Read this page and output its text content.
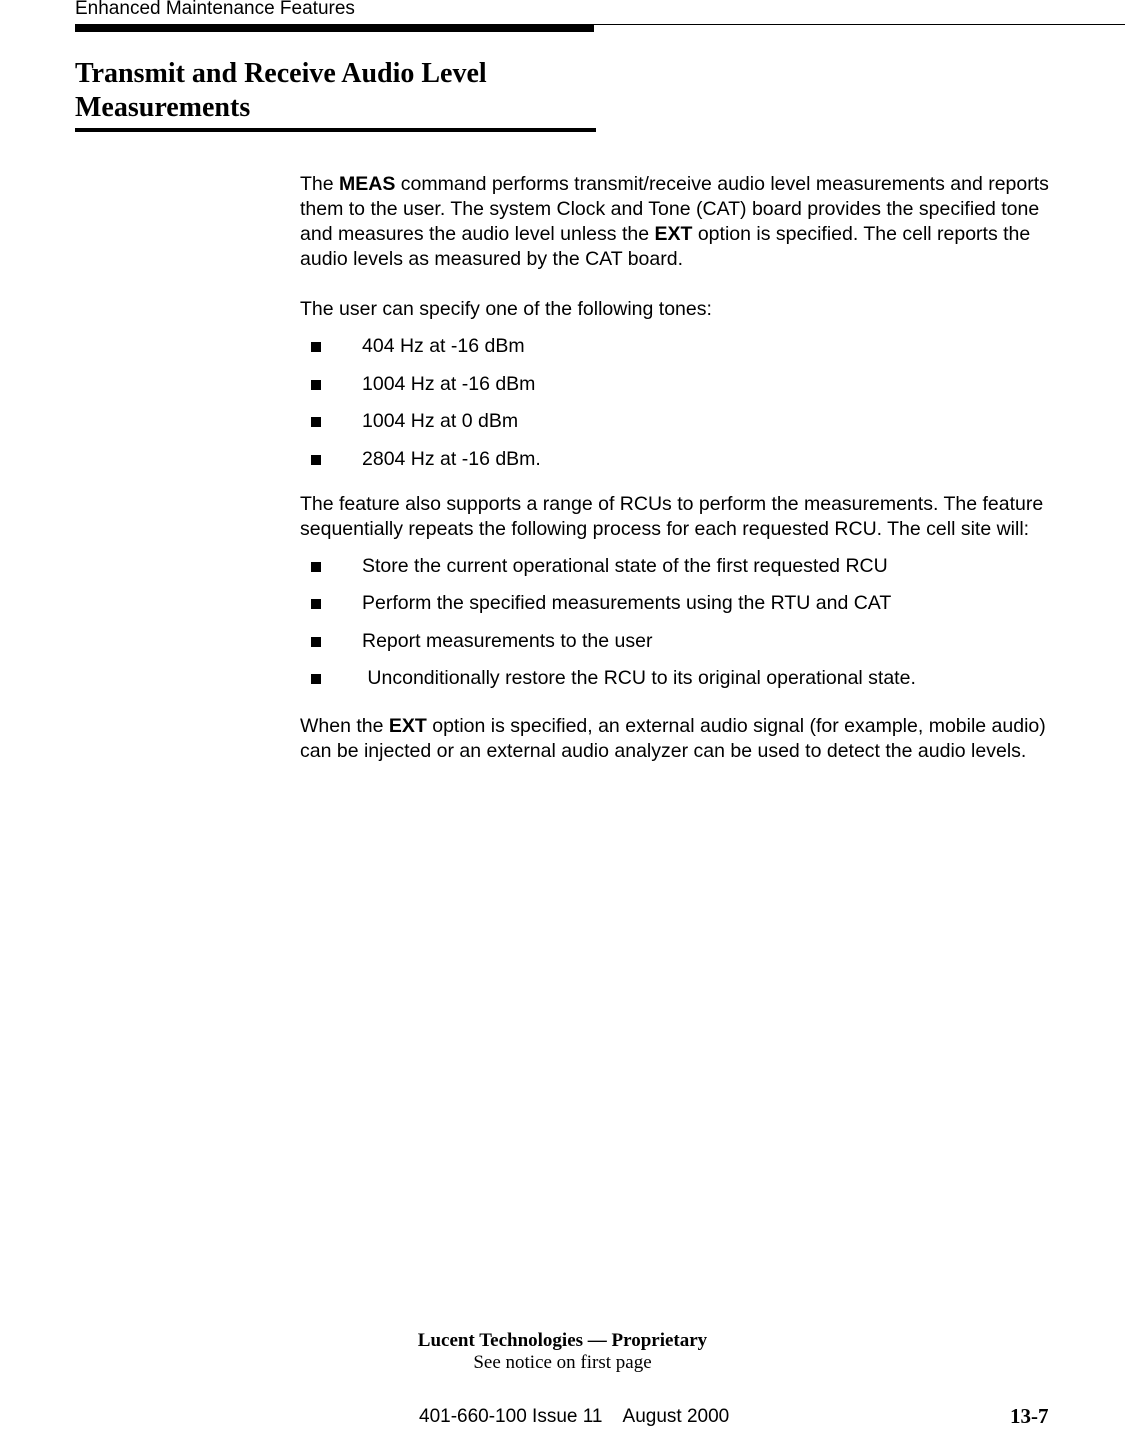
Enhanced Maintenance Features
Transmit and Receive Audio Level Measurements

The MEAS command performs transmit/receive audio level measurements and reports them to the user. The system Clock and Tone (CAT) board provides the specified tone and measures the audio level unless the EXT option is specified. The cell reports the audio levels as measured by the CAT board.

The user can specify one of the following tones:

404 Hz at -16 dBm
1004 Hz at -16 dBm
1004 Hz at 0 dBm
2804 Hz at -16 dBm.

The feature also supports a range of RCUs to perform the measurements. The feature sequentially repeats the following process for each requested RCU. The cell site will:

Store the current operational state of the first requested RCU
Perform the specified measurements using the RTU and CAT
Report measurements to the user
Unconditionally restore the RCU to its original operational state.

When the EXT option is specified, an external audio signal (for example, mobile audio) can be injected or an external audio analyzer can be used to detect the audio levels.

Lucent Technologies — Proprietary
See notice on first page
401-660-100 Issue 11    August 2000	13-7
